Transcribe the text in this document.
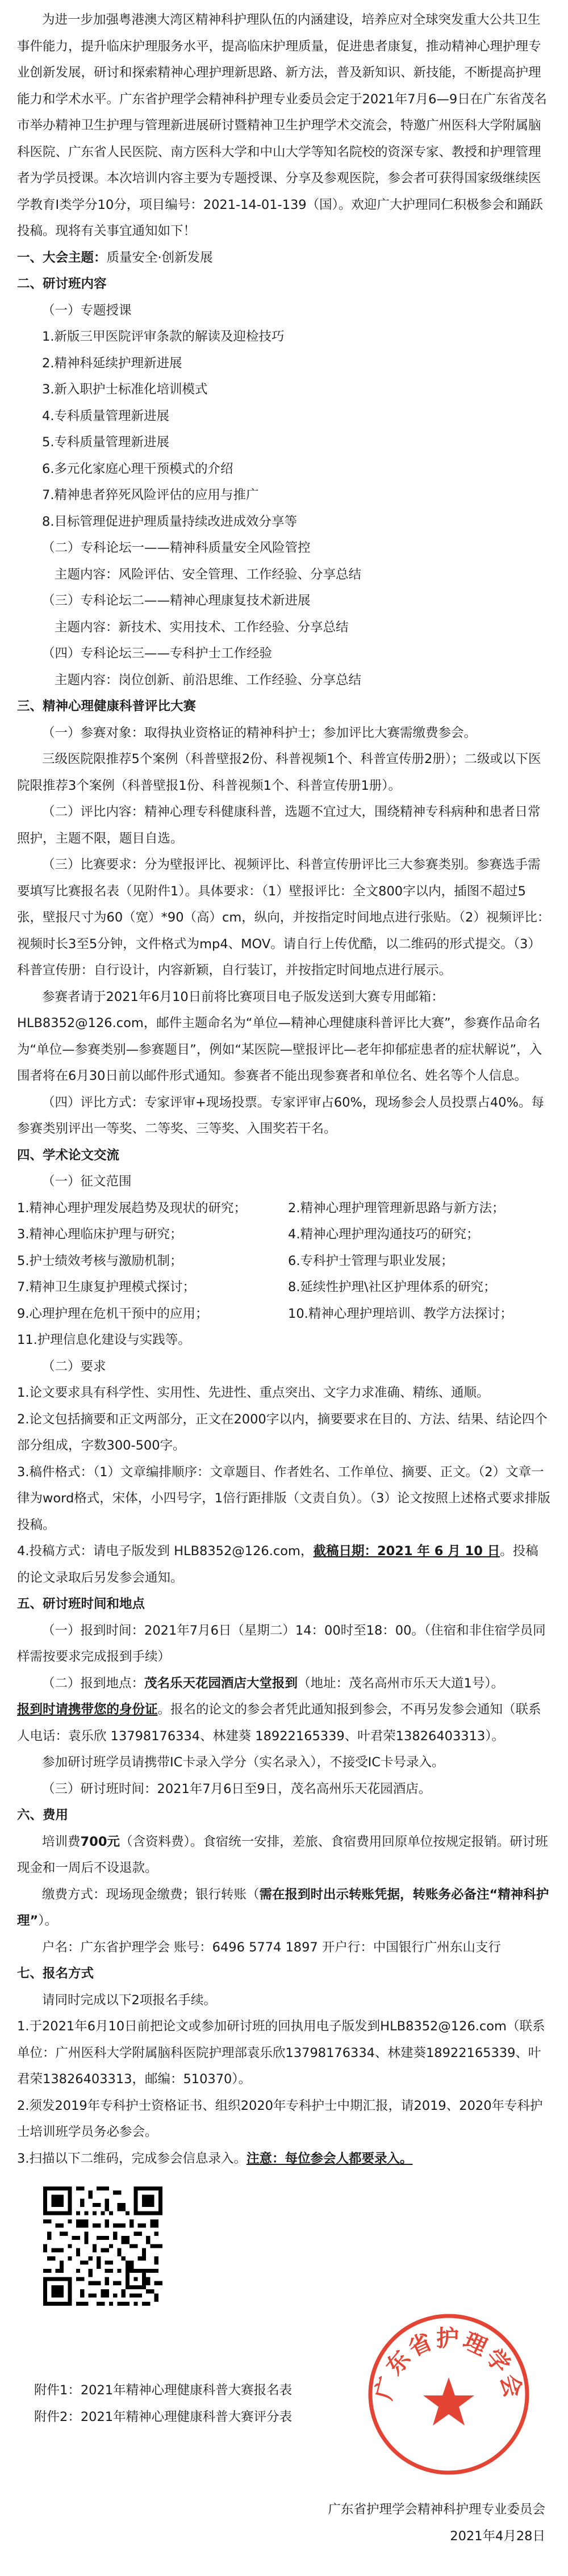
为进一步加强粤港澳大湾区精神科护理队伍的内涵建设，培养应对全球突发重大公共卫生事件能力，提升临床护理服务水平，提高临床护理质量，促进患者康复，推动精神心理护理专业创新发展，研讨和探索精神心理护理新思路、新方法，普及新知识、新技能，不断提高护理能力和学术水平。广东省护理学会精神科护理专业委员会定于2021年7月6—9日在广东省茂名市举办精神卫生护理与管理新进展研讨暨精神卫生护理学术交流会，特邀广州医科大学附属脑科医院、广东省人民医院、南方医科大学和中山大学等知名院校的资深专家、教授和护理管理者为学员授课。本次培训内容主要为专题授课、分享及参观医院，参会者可获得国家级继续医学教育Ⅰ类学分10分，项目编号：2021-14-01-139（国）。欢迎广大护理同仁积极参会和踊跃投稿。现将有关事宜通知如下！

一、大会主题：质量安全·创新发展

二、研讨班内容

（一）专题授课

1.新版三甲医院评审条款的解读及迎检技巧

2.精神科延续护理新进展

3.新入职护士标准化培训模式

4.专科质量管理新进展

5.专科质量管理新进展

6.多元化家庭心理干预模式的介绍

7.精神患者猝死风险评估的应用与推广

8.目标管理促进护理质量持续改进成效分享等

（二）专科论坛一——精神科质量安全风险管控

主题内容：风险评估、安全管理、工作经验、分享总结

（三）专科论坛二——精神心理康复技术新进展

主题内容：新技术、实用技术、工作经验、分享总结

（四）专科论坛三——专科护士工作经验

主题内容：岗位创新、前沿思维、工作经验、分享总结

三、精神心理健康科普评比大赛

（一）参赛对象：取得执业资格证的精神科护士；参加评比大赛需缴费参会。

三级医院限推荐5个案例（科普壁报2份、科普视频1个、科普宣传册2册）；二级或以下医院限推荐3个案例（科普壁报1份、科普视频1个、科普宣传册1册）。

（二）评比内容：精神心理专科健康科普，选题不宜过大，围绕精神专科病种和患者日常照护，主题不限，题目自选。

（三）比赛要求：分为壁报评比、视频评比、科普宣传册评比三大参赛类别。参赛选手需要填写比赛报名表（见附件1）。具体要求：（1）壁报评比：全文800字以内，插图不超过5张，壁报尺寸为60（宽）*90（高）cm，纵向，并按指定时间地点进行张贴。（2）视频评比：视频时长3至5分钟，文件格式为mp4、MOV。请自行上传优酷，以二维码的形式提交。（3）科普宣传册：自行设计，内容新颖，自行装订，并按指定时间地点进行展示。

参赛者请于2021年6月10日前将比赛项目电子版发送到大赛专用邮箱：HLB8352@126.com，邮件主题命名为“单位—精神心理健康科普评比大赛”，参赛作品命名为“单位—参赛类别—参赛题目”，例如“某医院—壁报评比—老年抑郁症患者的症状解说”，入围者将在6月30日前以邮件形式通知。参赛者不能出现参赛者和单位名、姓名等个人信息。

（四）评比方式：专家评审+现场投票。专家评审占60%，现场参会人员投票占40%。每参赛类别评出一等奖、二等奖、三等奖、入围奖若干名。

四、学术论文交流

（一）征文范围

1.精神心理护理发展趋势及现状的研究；	2.精神心理护理管理新思路与新方法；

3.精神心理临床护理与研究；	4.精神心理护理沟通技巧的研究；

5.护士绩效考核与激励机制；	6.专科护士管理与职业发展；

7.精神卫生康复护理模式探讨；	8.延续性护理\社区护理体系的研究；

9.心理护理在危机干预中的应用；	10.精神心理护理培训、教学方法探讨；

11.护理信息化建设与实践等。

（二）要求

1.论文要求具有科学性、实用性、先进性、重点突出、文字力求准确、精练、通顺。

2.论文包括摘要和正文两部分，正文在2000字以内，摘要要求在目的、方法、结果、结论四个部分组成，字数300-500字。

3.稿件格式：（1）文章编排顺序：文章题目、作者姓名、工作单位、摘要、正文。（2）文章一律为word格式，宋体，小四号字，1倍行距排版（文责自负）。（3）论文按照上述格式要求排版投稿。

4.投稿方式：请电子版发到 HLB8352@126.com，截稿日期：2021 年 6 月 10 日。投稿的论文录取后另发参会通知。

五、研讨班时间和地点

（一）报到时间：2021年7月6日（星期二）14：00时至18：00。（住宿和非住宿学员同样需按要求完成报到手续）

（二）报到地点：茂名乐天花园酒店大堂报到（地址：茂名高州市乐天大道1号）。

报到时请携带您的身份证。报名的论文的参会者凭此通知报到参会，不再另发参会通知（联系人电话：袁乐欣 13798176334、林建葵 18922165339、叶君荣13826403313）。

参加研讨班学员请携带IC卡录入学分（实名录入），不接受IC卡号录入。

（三）研讨班时间：2021年7月6日至9日，茂名高州乐天花园酒店。

六、费用

培训费700元（含资料费）。食宿统一安排，差旅、食宿费用回原单位按规定报销。研讨班现金和一周后不设退款。

缴费方式：现场现金缴费；银行转账（需在报到时出示转账凭据，转账务必备注“精神科护理”）。

户名：广东省护理学会 账号：6496 5774 1897 开户行：中国银行广州东山支行

七、报名方式

请同时完成以下2项报名手续。

1.于2021年6月10日前把论文或参加研讨班的回执用电子版发到HLB8352@126.com（联系单位：广州医科大学附属脑科医院护理部袁乐欣13798176334、林建葵18922165339、叶君荣13826403313，邮编：510370）。

2.须发2019年专科护士资格证书、组织2020年专科护士中期汇报，请2019、2020年专科护士培训班学员务必参会。

3.扫描以下二维码，完成参会信息录入。注意：每位参会人都要录入。

广东省护理学会

附件1：2021年精神心理健康科普大赛报名表

附件2：2021年精神心理健康科普大赛评分表

广东省护理学会精神科护理专业委员会

2021年4月28日
